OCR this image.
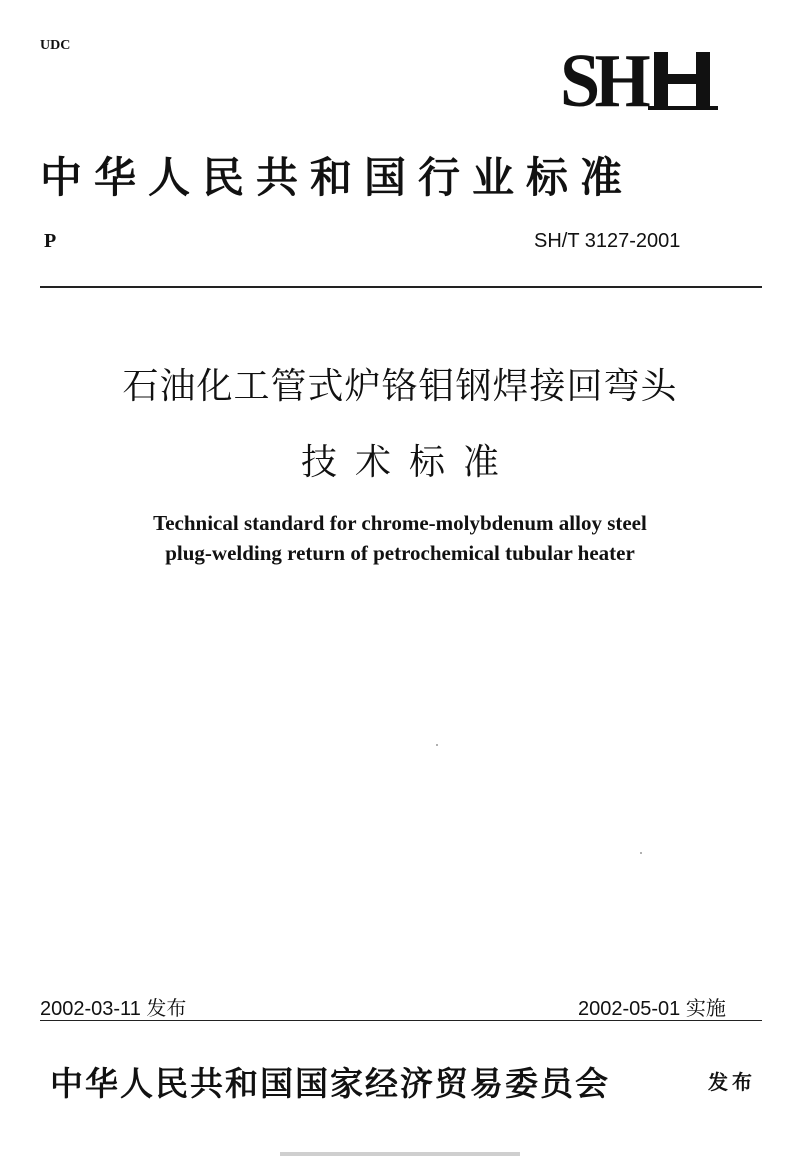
UDC	SH
中华人民共和国行业标准
P	SH/T 3127-2001
石油化工管式炉铬钼钢焊接回弯头
技术标准
Technical standard for chrome-molybdenum alloy steel
plug-welding return of petrochemical tubular heater
2002-03-11 发布	2002-05-01 实施
中华人民共和国国家经济贸易委员会	发布
